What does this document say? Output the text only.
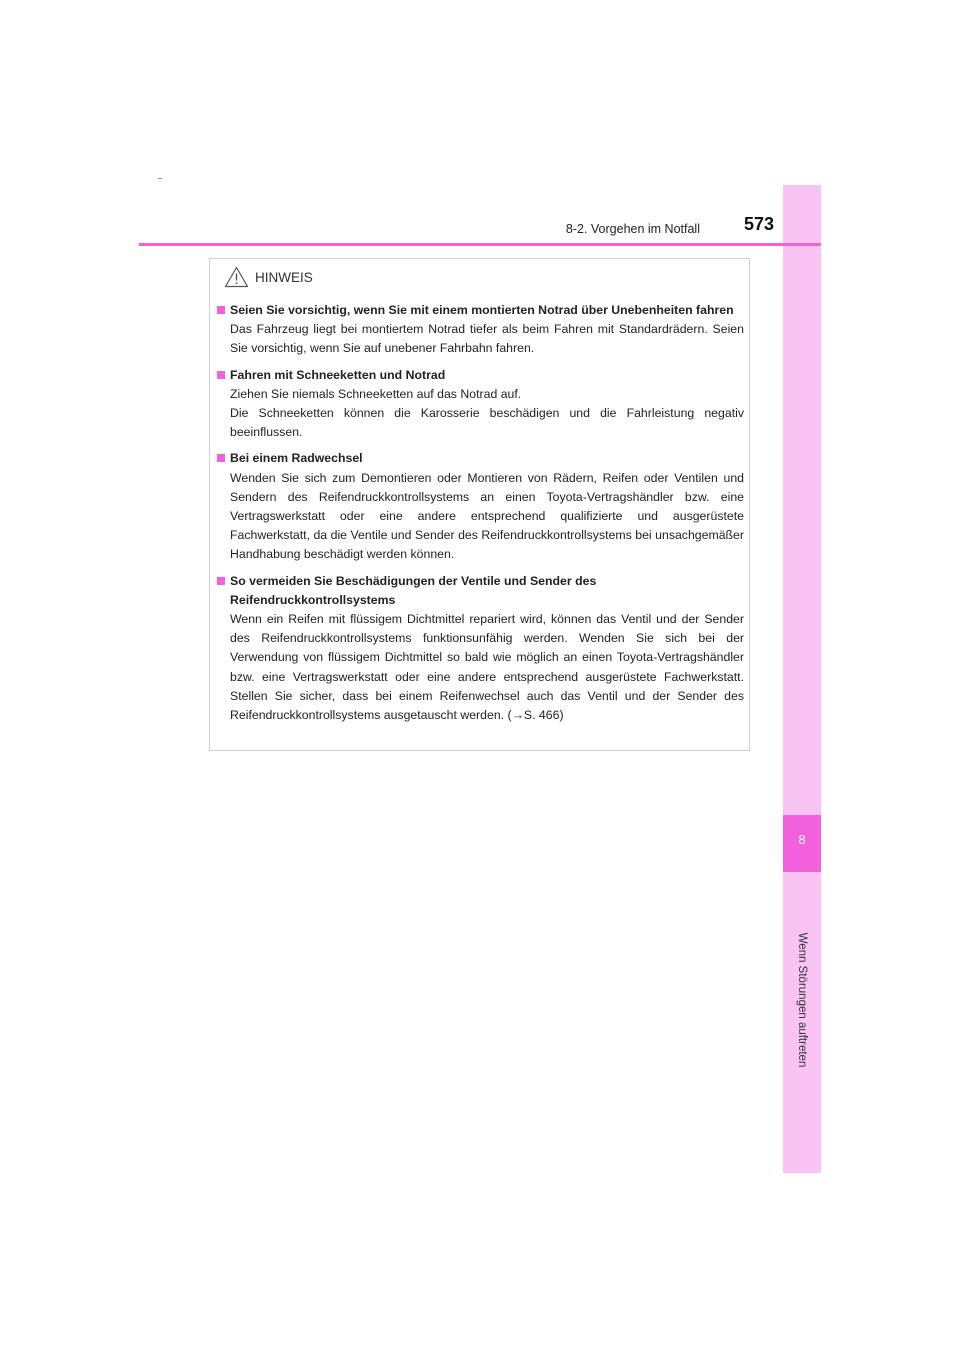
8
Wenn Störungen auftreten
8-2. Vorgehen im Notfall 573
HINWEIS
Seien Sie vorsichtig, wenn Sie mit einem montierten Notrad über Unebenheiten fahren
Das Fahrzeug liegt bei montiertem Notrad tiefer als beim Fahren mit Standardrädern. Seien Sie vorsichtig, wenn Sie auf unebener Fahrbahn fahren.
Fahren mit Schneeketten und Notrad
Ziehen Sie niemals Schneeketten auf das Notrad auf.
Die Schneeketten können die Karosserie beschädigen und die Fahrleistung negativ beeinflussen.
Bei einem Radwechsel
Wenden Sie sich zum Demontieren oder Montieren von Rädern, Reifen oder Ventilen und Sendern des Reifendruckkontrollsystems an einen Toyota-Vertragshändler bzw. eine Vertragswerkstatt oder eine andere entsprechend qualifizierte und ausgerüstete Fachwerkstatt, da die Ventile und Sender des Reifendruckkontrollsystems bei unsachgemäßer Handhabung beschädigt werden können.
So vermeiden Sie Beschädigungen der Ventile und Sender des Reifendruckkontrollsystems
Wenn ein Reifen mit flüssigem Dichtmittel repariert wird, können das Ventil und der Sender des Reifendruckkontrollsystems funktionsunfähig werden. Wenden Sie sich bei der Verwendung von flüssigem Dichtmittel so bald wie möglich an einen Toyota-Vertragshändler bzw. eine Vertragswerkstatt oder eine andere entsprechend ausgerüstete Fachwerkstatt. Stellen Sie sicher, dass bei einem Reifenwechsel auch das Ventil und der Sender des Reifendruckkontrollsystems ausgetauscht werden. (→S. 466)
